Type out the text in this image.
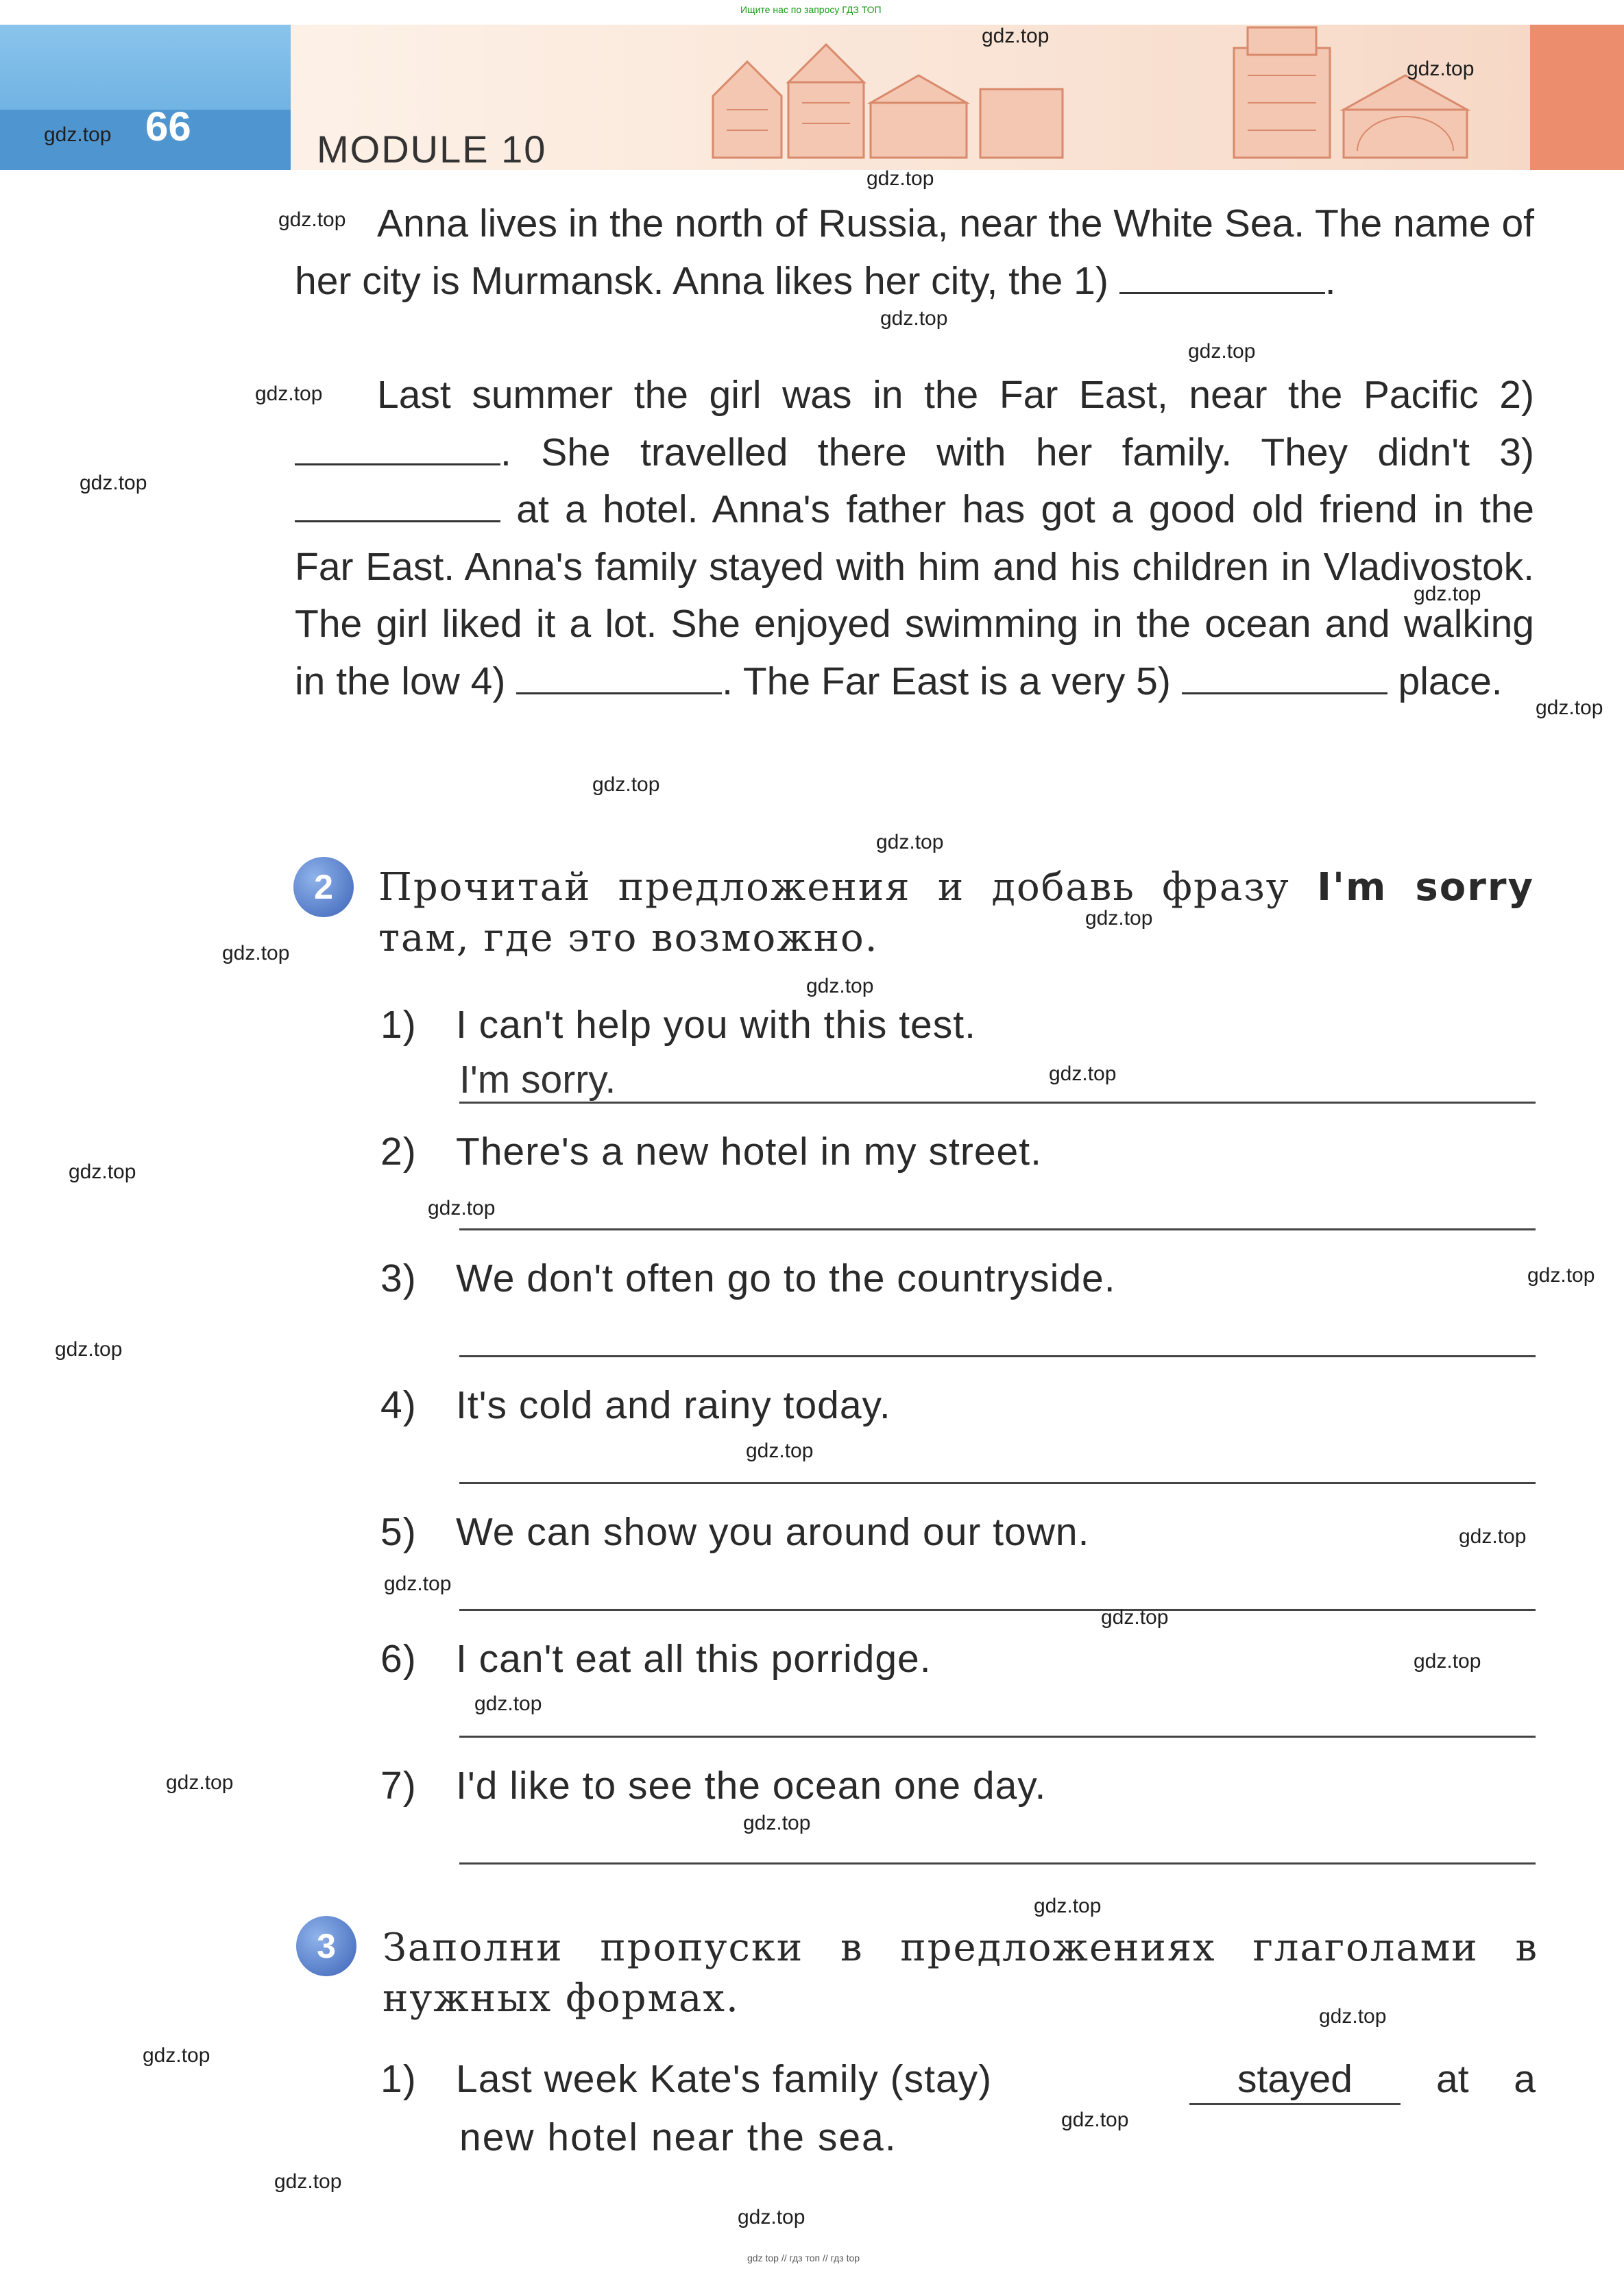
Ищите нас по запросу ГДЗ ТОП
66	MODULE 10

Anna lives in the north of Russia, near the White Sea. The name of her city is Murmansk. Anna likes her city, the 1)	.

Last summer the girl was in the Far East, near the Pacific 2) . She travelled there with her family. They didn't 3)  at a hotel. Anna's father has got a good old friend in the Far East. Anna's family stayed with him and his children in Vladivostok. The girl liked it a lot. She enjoyed swimming in the ocean and walking in the low 4)	. The Far East is a very 5)	place.

2	Прочитай предложения и добавь фразу I'm sorry там, где это возможно.

1) I can't help you with this test.
I'm sorry.
2) There's a new hotel in my street.
3) We don't often go to the countryside.
4) It's cold and rainy today.
5) We can show you around our town.
6) I can't eat all this porridge.
7) I'd like to see the ocean one day.
3	Заполни пропуски в предложениях глаголами в нужных формах.

1) Last week Kate's family (stay)	stayed	at a
new hotel near the sea.
gdz top // гдз топ // гдз top
gdz.top
gdz.top
gdz.top
gdz.top
gdz.top
gdz.top
gdz.top
gdz.top
gdz.top
gdz.top
gdz.top
gdz.top
gdz.top
gdz.top
gdz.top
gdz.top
gdz.top
gdz.top
gdz.top
gdz.top
gdz.top
gdz.top
gdz.top
gdz.top
gdz.top
gdz.top
gdz.top
gdz.top
gdz.top
gdz.top
gdz.top
gdz.top
gdz.top
gdz.top
gdz.top
